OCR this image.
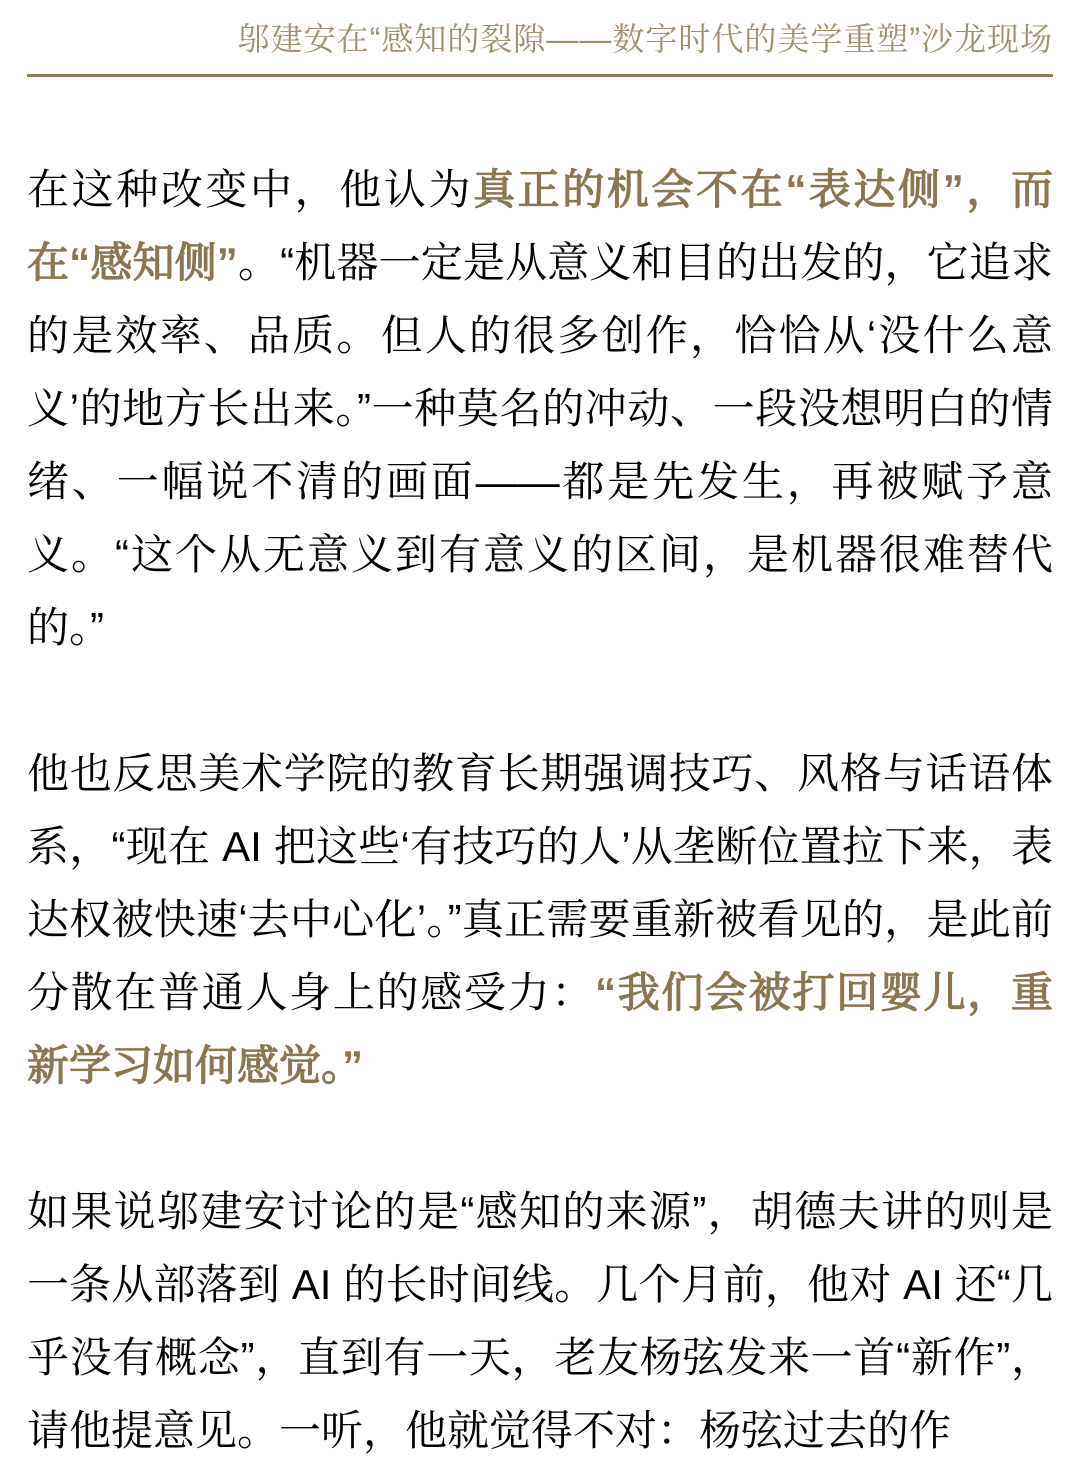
邬建安在“感知的裂隙——数字时代的美学重塑”沙龙现场

在这种改变中，他认为真正的机会不在“表达侧”，而在“感知侧”。“机器一定是从意义和目的出发的，它追求的是效率、品质。但人的很多创作，恰恰从‘没什么意义’的地方长出来。”一种莫名的冲动、一段没想明白的情绪、一幅说不清的画面——都是先发生，再被赋予意义。“这个从无意义到有意义的区间，是机器很难替代的。”

他也反思美术学院的教育长期强调技巧、风格与话语体系，“现在 AI 把这些‘有技巧的人’从垄断位置拉下来，表达权被快速‘去中心化’。”真正需要重新被看见的，是此前分散在普通人身上的感受力：“我们会被打回婴儿，重新学习如何感觉。”

如果说邬建安讨论的是“感知的来源”，胡德夫讲的则是一条从部落到 AI 的长时间线。几个月前，他对 AI 还“几乎没有概念”，直到有一天，老友杨弦发来一首“新作”，请他提意见。一听，他就觉得不对：杨弦过去的作
